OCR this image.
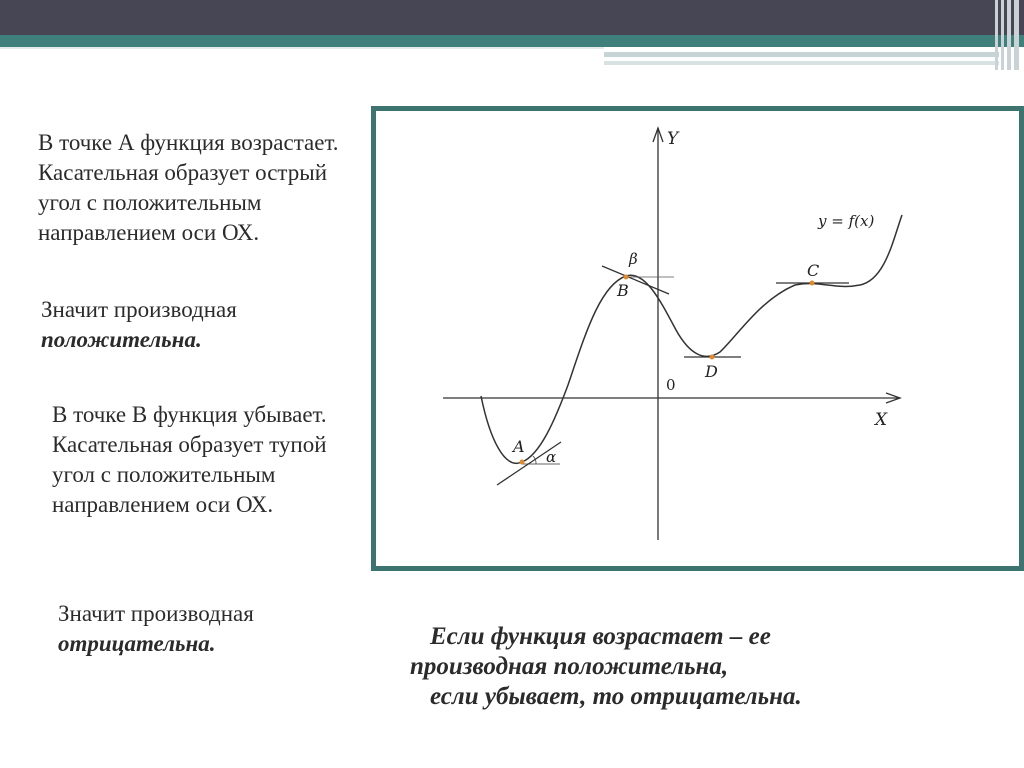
В точке А функция возрастает. Касательная образует острый угол с положительным направлением оси ОХ.

Значит производная
положительна.

В точке В функция убывает. Касательная образует тупой угол с положительным направлением оси ОХ.

Значит производная
отрицательна.

A
B
C
D
α
β
X
Y
0
y = f(x)

Если функция возрастает – ее
производная положительна,
если убывает, то отрицательна.
